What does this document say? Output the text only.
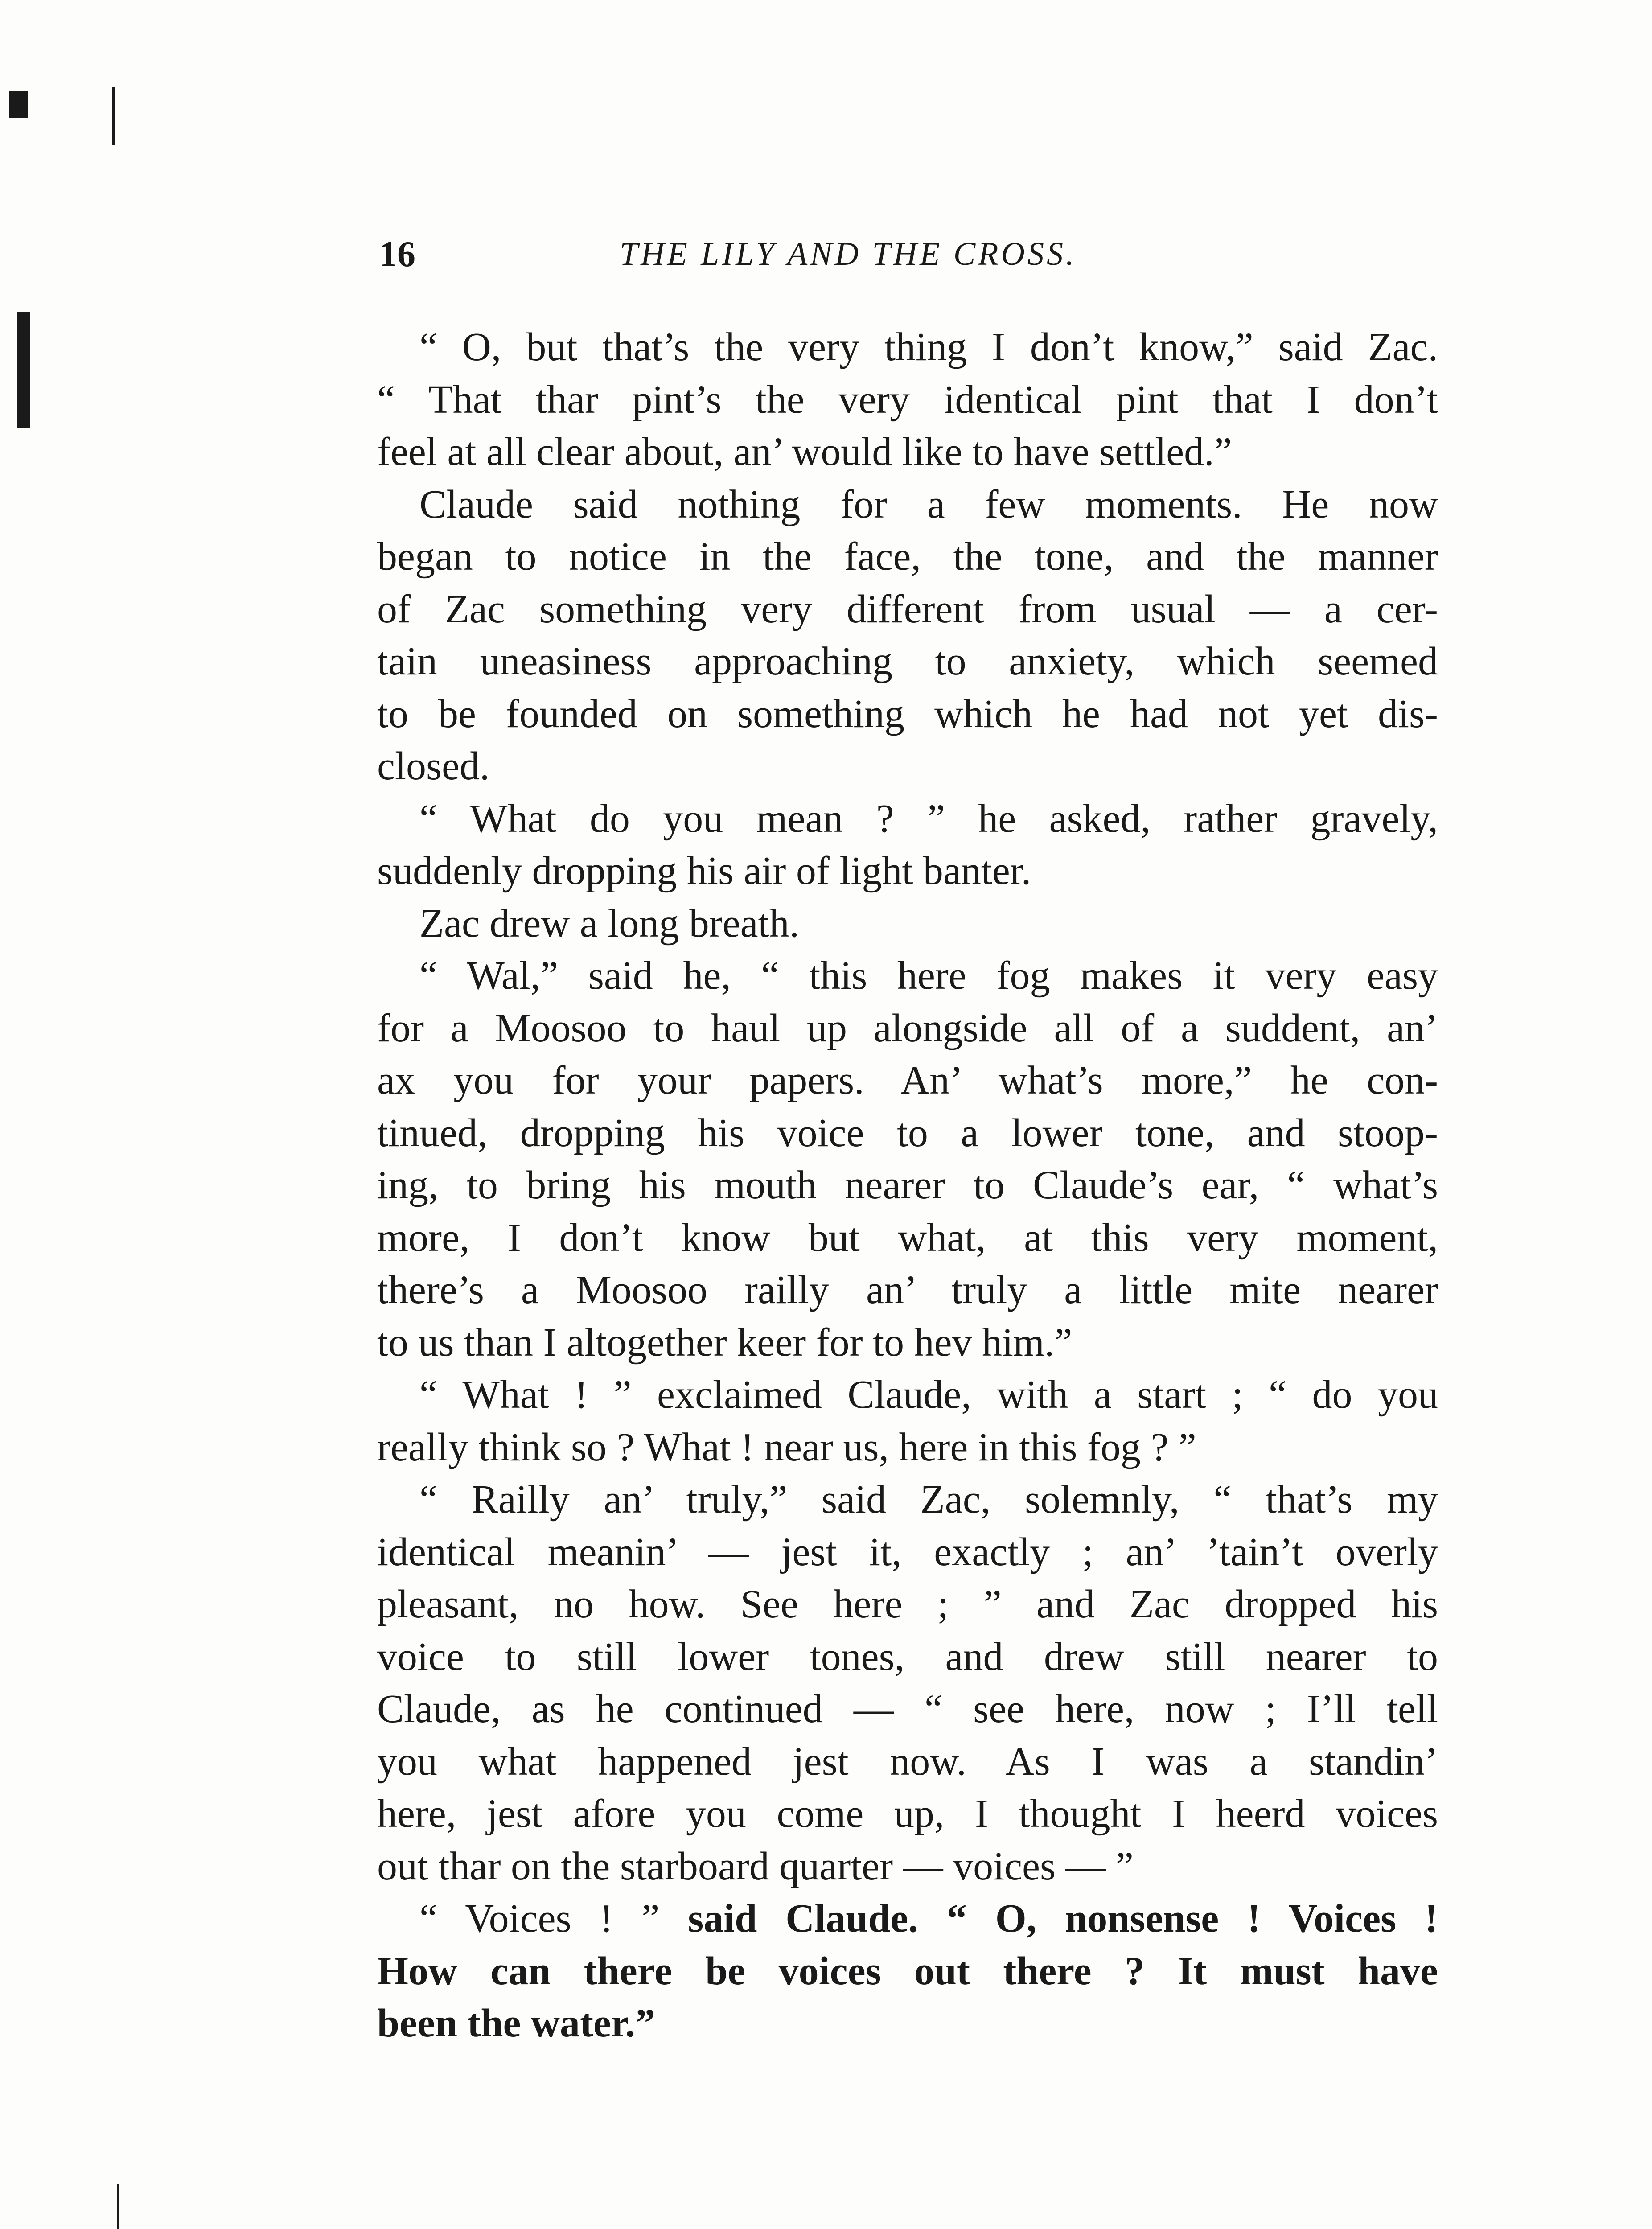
16	THE LILY AND THE CROSS.
“ O, but that’s the very thing I don’t know,” said Zac.
“ That thar pint’s the very identical pint that I don’t
feel at all clear about, an’ would like to have settled.”
Claude said nothing for a few moments. He now
began to notice in the face, the tone, and the manner
of Zac something very different from usual — a cer-
tain uneasiness approaching to anxiety, which seemed
to be founded on something which he had not yet dis-
closed.
“ What do you mean ? ” he asked, rather gravely,
suddenly dropping his air of light banter.
Zac drew a long breath.
“ Wal,” said he, “ this here fog makes it very easy
for a Moosoo to haul up alongside all of a suddent, an’
ax you for your papers. An’ what’s more,” he con-
tinued, dropping his voice to a lower tone, and stoop-
ing, to bring his mouth nearer to Claude’s ear, “ what’s
more, I don’t know but what, at this very moment,
there’s a Moosoo railly an’ truly a little mite nearer
to us than I altogether keer for to hev him.”
“ What ! ” exclaimed Claude, with a start ; “ do you
really think so ? What ! near us, here in this fog ? ”
“ Railly an’ truly,” said Zac, solemnly, “ that’s my
identical meanin’ — jest it, exactly ; an’ ’tain’t overly
pleasant, no how. See here ; ” and Zac dropped his
voice to still lower tones, and drew still nearer to
Claude, as he continued — “ see here, now ; I’ll tell
you what happened jest now. As I was a standin’
here, jest afore you come up, I thought I heerd voices
out thar on the starboard quarter — voices — ”
“ Voices ! ” said Claude. “ O, nonsense ! Voices !
How can there be voices out there ? It must have
been the water.”
